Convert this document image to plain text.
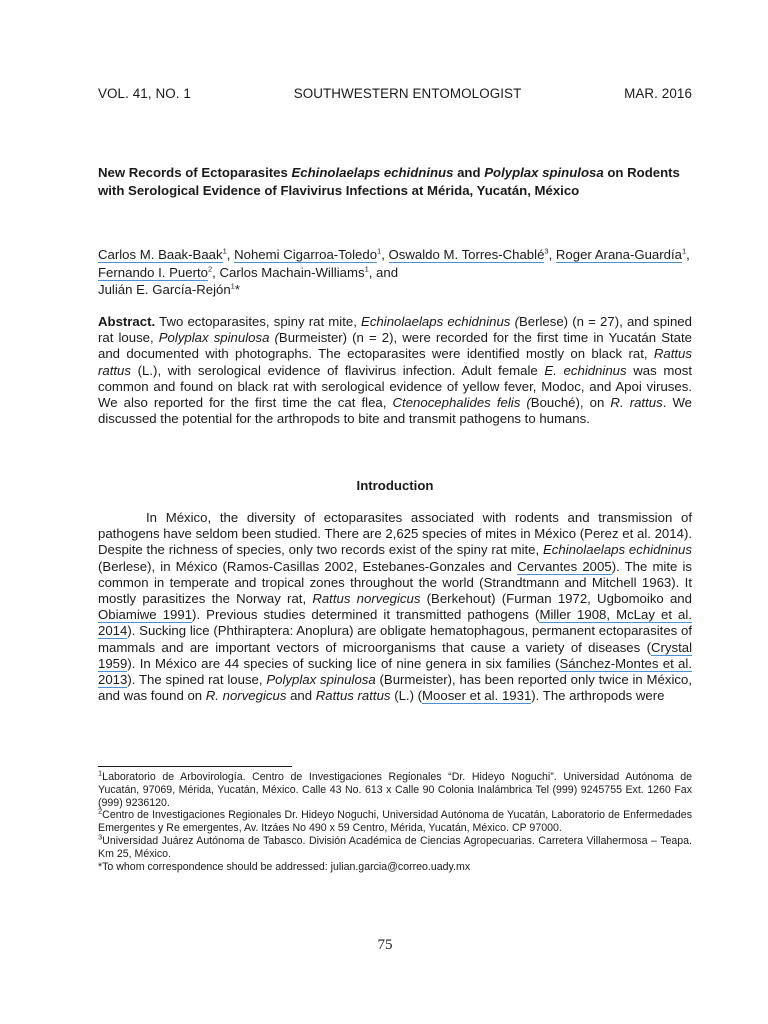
VOL. 41, NO. 1	SOUTHWESTERN ENTOMOLOGIST	MAR. 2016
New Records of Ectoparasites Echinolaelaps echidninus and Polyplax spinulosa on Rodents with Serological Evidence of Flavivirus Infections at Mérida, Yucatán, México
Carlos M. Baak-Baak$^1$, Nohemi Cigarroa-Toledo$^1$, Oswaldo M. Torres-Chablé$^3$, Roger Arana-Guardía$^1$, Fernando I. Puerto$^2$, Carlos Machain-Williams$^1$, and
Julián E. García-Rejón$^1$*

Abstract. Two ectoparasites, spiny rat mite, Echinolaelaps echidninus (Berlese) (n = 27), and spined rat louse, Polyplax spinulosa (Burmeister) (n = 2), were recorded for the first time in Yucatán State and documented with photographs. The ectoparasites were identified mostly on black rat, Rattus rattus (L.), with serological evidence of flavivirus infection. Adult female E. echidninus was most common and found on black rat with serological evidence of yellow fever, Modoc, and Apoi viruses. We also reported for the first time the cat flea, Ctenocephalides felis (Bouché), on R. rattus. We discussed the potential for the arthropods to bite and transmit pathogens to humans.

Introduction

In México, the diversity of ectoparasites associated with rodents and transmission of pathogens have seldom been studied. There are 2,625 species of mites in México (Perez et al. 2014). Despite the richness of species, only two records exist of the spiny rat mite, Echinolaelaps echidninus (Berlese), in México (Ramos-Casillas 2002, Estebanes-Gonzales and Cervantes 2005). The mite is common in temperate and tropical zones throughout the world (Strandtmann and Mitchell 1963). It mostly parasitizes the Norway rat, Rattus norvegicus (Berkehout) (Furman 1972, Ugbomoiko and Obiamiwe 1991). Previous studies determined it transmitted pathogens (Miller 1908, McLay et al. 2014). Sucking lice (Phthiraptera: Anoplura) are obligate hematophagous, permanent ectoparasites of mammals and are important vectors of microorganisms that cause a variety of diseases (Crystal 1959). In México are 44 species of sucking lice of nine genera in six families (Sánchez-Montes et al. 2013). The spined rat louse, Polyplax spinulosa (Burmeister), has been reported only twice in México, and was found on R. norvegicus and Rattus rattus (L.) (Mooser et al. 1931). The arthropods were

$^1$Laboratorio de Arbovirología. Centro de Investigaciones Regionales “Dr. Hideyo Noguchi”. Universidad Autónoma de Yucatán, 97069, Mérida, Yucatán, México. Calle 43 No. 613 x Calle 90 Colonia Inalámbrica Tel (999) 9245755 Ext. 1260 Fax (999) 9236120.

$^2$Centro de Investigaciones Regionales Dr. Hideyo Noguchi, Universidad Autónoma de Yucatán, Laboratorio de Enfermedades Emergentes y Re emergentes, Av. Itzáes No 490 x 59 Centro, Mérida, Yucatán, México. CP 97000.

$^3$Universidad Juárez Autónoma de Tabasco. División Académica de Ciencias Agropecuarias. Carretera Villahermosa – Teapa. Km 25, México.

*To whom correspondence should be addressed: julian.garcia@correo.uady.mx

75
